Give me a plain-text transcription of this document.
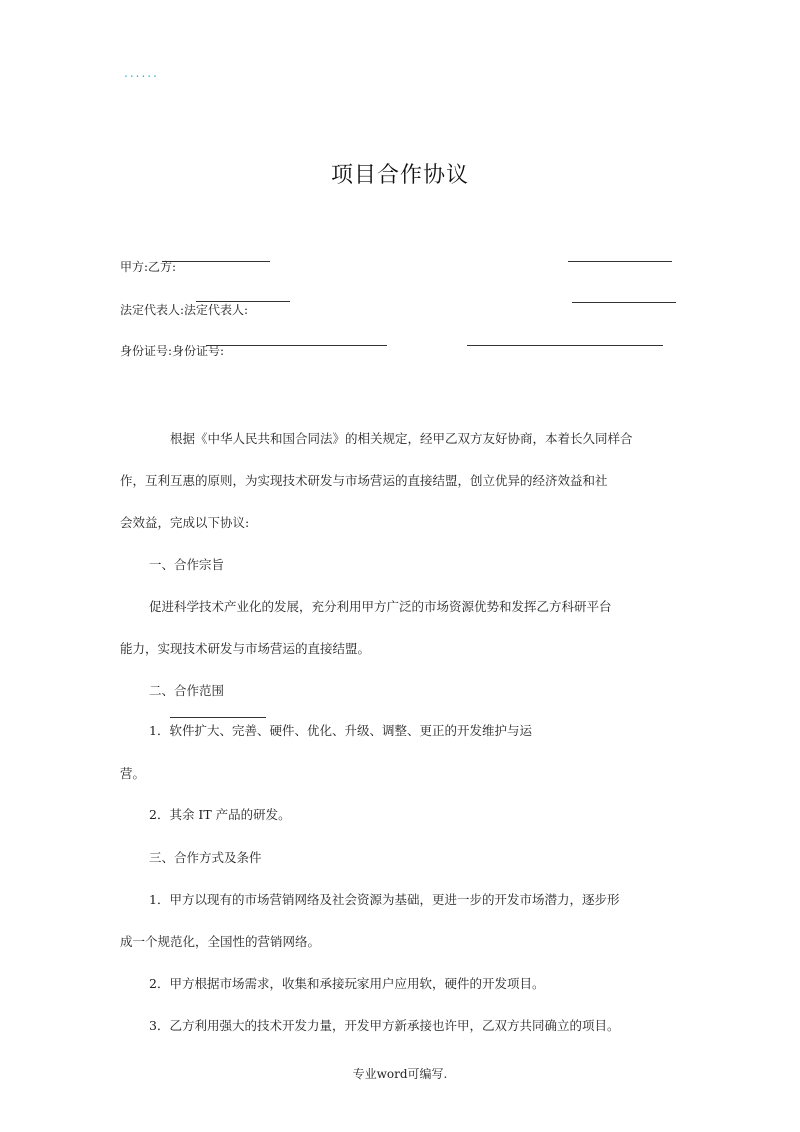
......
项目合作协议
甲方:乙方:
法定代表人:法定代表人:
身份证号:身份证号:
根据《中华人民共和国合同法》的相关规定，经甲乙双方友好协商，本着长久同样合
作，互利互惠的原则，为实现技术研发与市场营运的直接结盟，创立优异的经济效益和社
会效益，完成以下协议:
一、合作宗旨
促进科学技术产业化的发展，充分利用甲方广泛的市场资源优势和发挥乙方科研平台
能力，实现技术研发与市场营运的直接结盟。
二、合作范围
1．软件扩大、完善、硬件、优化、升级、调整、更正的开发维护与运
营。
2．其余 IT 产品的研发。
三、合作方式及条件
1．甲方以现有的市场营销网络及社会资源为基础，更进一步的开发市场潜力，逐步形
成一个规范化，全国性的营销网络。
2．甲方根据市场需求，收集和承接玩家用户应用软，硬件的开发项目。
3．乙方利用强大的技术开发力量，开发甲方新承接也许甲，乙双方共同确立的项目。
专业word可编写.
